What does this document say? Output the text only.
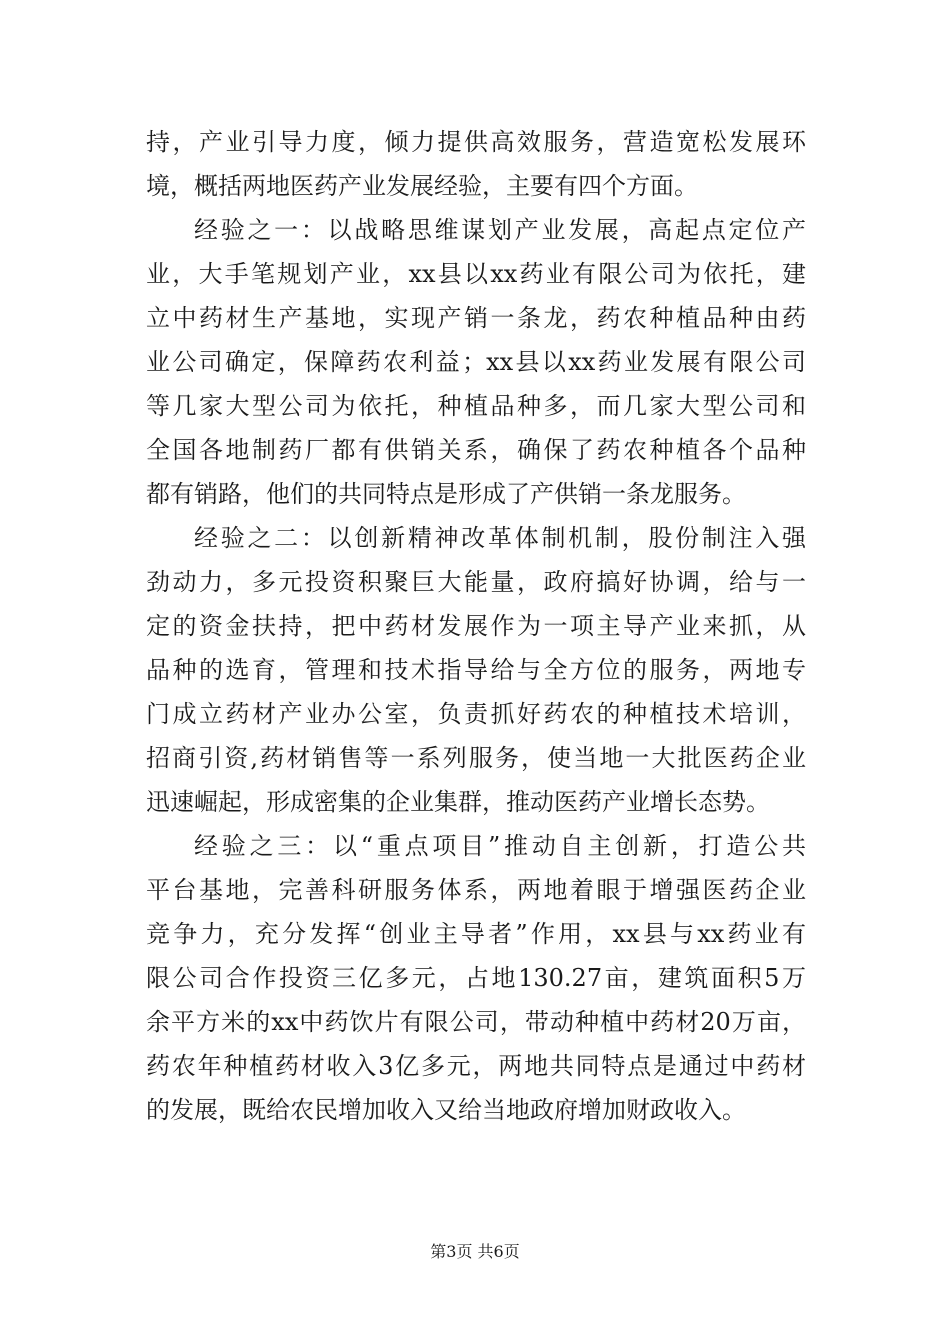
持，产业引导力度，倾力提供高效服务，营造宽松发展环
境，概括两地医药产业发展经验，主要有四个方面。
经验之一：以战略思维谋划产业发展，高起点定位产
业，大手笔规划产业，xx县以xx药业有限公司为依托，建
立中药材生产基地，实现产销一条龙，药农种植品种由药
业公司确定，保障药农利益；xx县以xx药业发展有限公司
等几家大型公司为依托，种植品种多，而几家大型公司和
全国各地制药厂都有供销关系，确保了药农种植各个品种
都有销路，他们的共同特点是形成了产供销一条龙服务。
经验之二：以创新精神改革体制机制，股份制注入强
劲动力，多元投资积聚巨大能量，政府搞好协调，给与一
定的资金扶持，把中药材发展作为一项主导产业来抓，从
品种的选育，管理和技术指导给与全方位的服务，两地专
门成立药材产业办公室，负责抓好药农的种植技术培训，
招商引资,药材销售等一系列服务，使当地一大批医药企业
迅速崛起，形成密集的企业集群，推动医药产业增长态势。
经验之三：以“重点项目”推动自主创新，打造公共
平台基地，完善科研服务体系，两地着眼于增强医药企业
竞争力，充分发挥“创业主导者”作用，xx县与xx药业有
限公司合作投资三亿多元，占地130.27亩，建筑面积5万
余平方米的xx中药饮片有限公司，带动种植中药材20万亩，
药农年种植药材收入3亿多元，两地共同特点是通过中药材
的发展，既给农民增加收入又给当地政府增加财政收入。
第3页 共6页
